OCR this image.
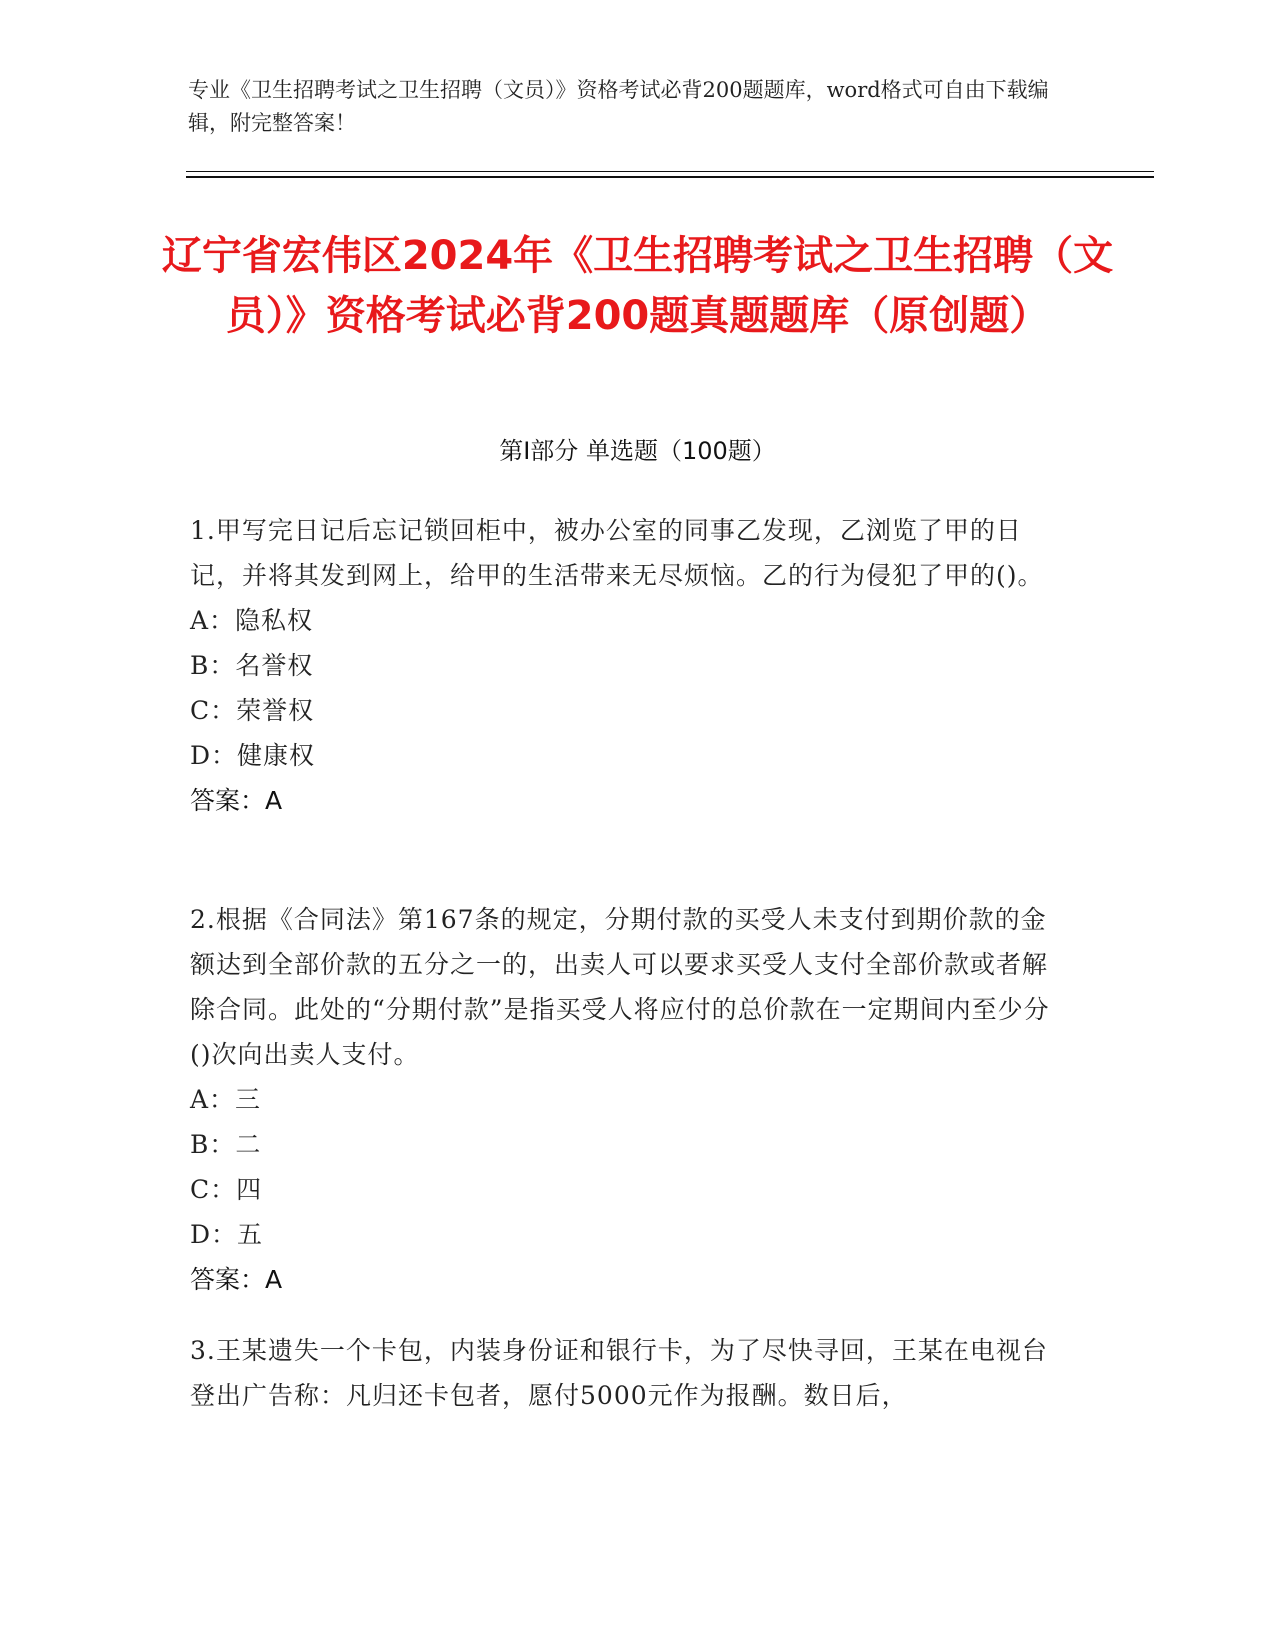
专业《卫生招聘考试之卫生招聘（文员）》资格考试必背200题题库，word格式可自由下载编辑，附完整答案！
辽宁省宏伟区2024年《卫生招聘考试之卫生招聘（文员）》资格考试必背200题真题题库（原创题）
第Ⅰ部分 单选题（100题）
1.甲写完日记后忘记锁回柜中，被办公室的同事乙发现，乙浏览了甲的日记，并将其发到网上，给甲的生活带来无尽烦恼。乙的行为侵犯了甲的()。
A：隐私权
B：名誉权
C：荣誉权
D：健康权
答案：A
2.根据《合同法》第167条的规定，分期付款的买受人未支付到期价款的金额达到全部价款的五分之一的，出卖人可以要求买受人支付全部价款或者解除合同。此处的“分期付款”是指买受人将应付的总价款在一定期间内至少分()次向出卖人支付。
A：三
B：二
C：四
D：五
答案：A
3.王某遗失一个卡包，内装身份证和银行卡，为了尽快寻回，王某在电视台登出广告称：凡归还卡包者，愿付5000元作为报酬。数日后，
